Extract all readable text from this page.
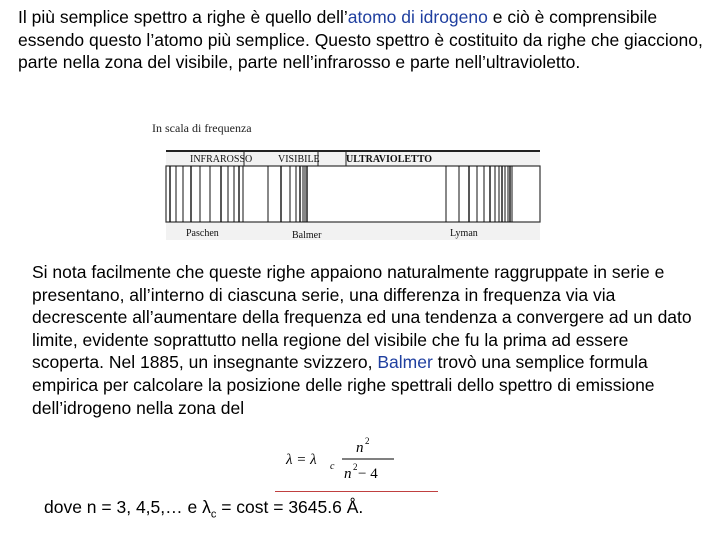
Il più semplice spettro a righe è quello dell’atomo di idrogeno e ciò è comprensibile essendo questo l’atomo più semplice. Questo spettro è costituito da righe che giacciono, parte nella zona del visibile, parte nell’infrarosso e parte nell’ultravioletto.

In scala di frequenza
INFRAROSSO	VISIBILE	ULTRAVIOLETTO
Paschen	Balmer	Lyman

Si nota facilmente che queste righe appaiono naturalmente raggruppate in serie e presentano, all’interno di ciascuna serie, una differenza in frequenza via via decrescente all’aumentare della frequenza ed una tendenza a convergere ad un dato limite, evidente soprattutto nella regione del visibile che fu la prima ad essere scoperta. Nel 1885, un insegnante svizzero, Balmer trovò una semplice formula empirica per calcolare la posizione delle righe spettrali dello spettro di emissione dell’idrogeno nella zona del

λ = λ c
n 2
n 2 − 4
dove n = 3, 4,5,… e $\lambda_c = \cos t = 3645.6$ Å.
